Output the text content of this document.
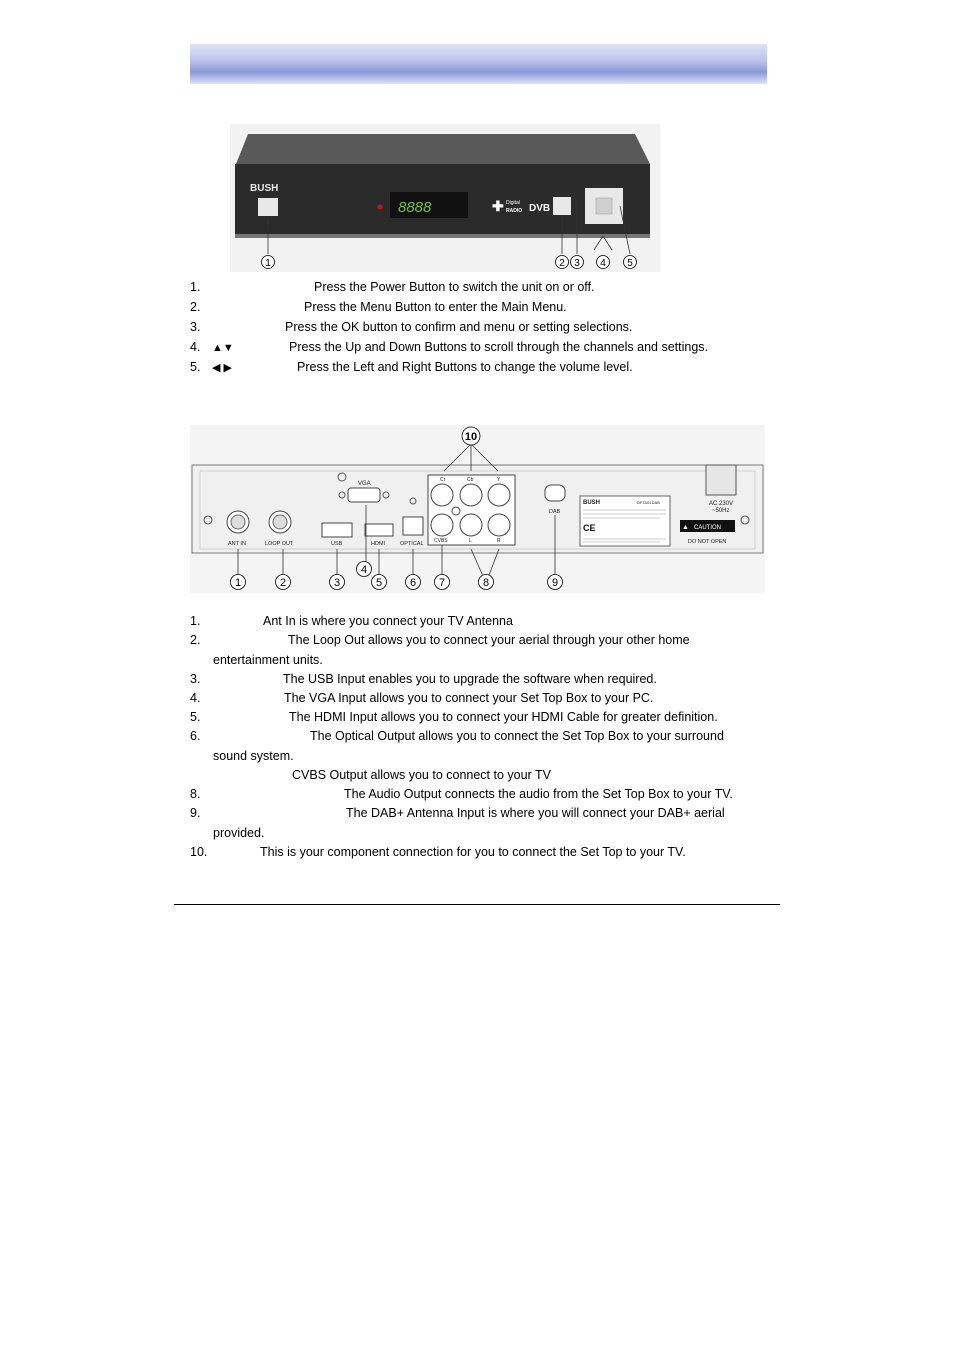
BUSH
8888	✚ Digital
RADIO DVB
1	2 3 4 5
1.	Press the Power Button to switch the unit on or off.
2.	Press the Menu Button to enter the Main Menu.
3.	Press the OK button to confirm and menu or setting selections.
4. ▲▼	Press the Up and Down Buttons to scroll through the channels and settings.
5. ◀ ▶	Press the Left and Right Buttons to change the volume level.
AC 230V
~50Hz
ANT IN	LOOP OUT	USB
VGA
HDMI	OPTICAL
Cr	Cb	Y
CVBS	L	R
DAB
BUSH	DFTA51DAB
CE	CAUTION
▲
DO NOT OPEN
1	2	3
4
5	6 7	8	9
10
1.	Ant In is where you connect your TV Antenna
2.	The Loop Out allows you to connect your aerial through your other home
entertainment units.
3.	The USB Input enables you to upgrade the software when required.
4.	The VGA Input allows you to connect your Set Top Box to your PC.
5.	The HDMI Input allows you to connect your HDMI Cable for greater definition.
6.	The Optical Output allows you to connect the Set Top Box to your surround
sound system.
CVBS Output allows you to connect to your TV
8.	The Audio Output connects the audio from the Set Top Box to your TV.
9.	The DAB+ Antenna Input is where you will connect your DAB+ aerial
provided.
10.	This is your component connection for you to connect the Set Top to your TV.
